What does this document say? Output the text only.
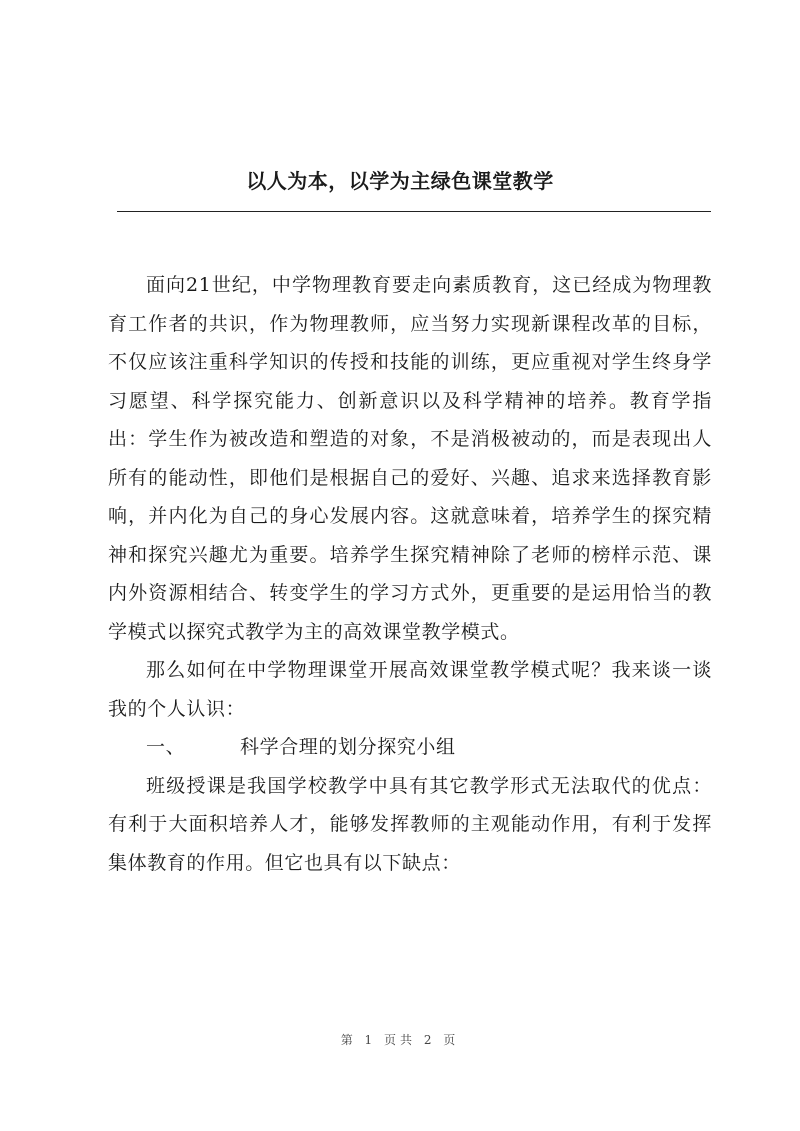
以人为本，以学为主绿色课堂教学

面向21世纪，中学物理教育要走向素质教育，这已经成为物理教育工作者的共识，作为物理教师，应当努力实现新课程改革的目标，不仅应该注重科学知识的传授和技能的训练，更应重视对学生终身学习愿望、科学探究能力、创新意识以及科学精神的培养。教育学指出：学生作为被改造和塑造的对象，不是消极被动的，而是表现出人所有的能动性，即他们是根据自己的爱好、兴趣、追求来选择教育影响，并内化为自己的身心发展内容。这就意味着，培养学生的探究精神和探究兴趣尤为重要。培养学生探究精神除了老师的榜样示范、课内外资源相结合、转变学生的学习方式外，更重要的是运用恰当的教学模式以探究式教学为主的高效课堂教学模式。

那么如何在中学物理课堂开展高效课堂教学模式呢？我来谈一谈我的个人认识：

一、	科学合理的划分探究小组

班级授课是我国学校教学中具有其它教学形式无法取代的优点：有利于大面积培养人才，能够发挥教师的主观能动作用，有利于发挥集体教育的作用。但它也具有以下缺点：

第 1 页共 2 页
